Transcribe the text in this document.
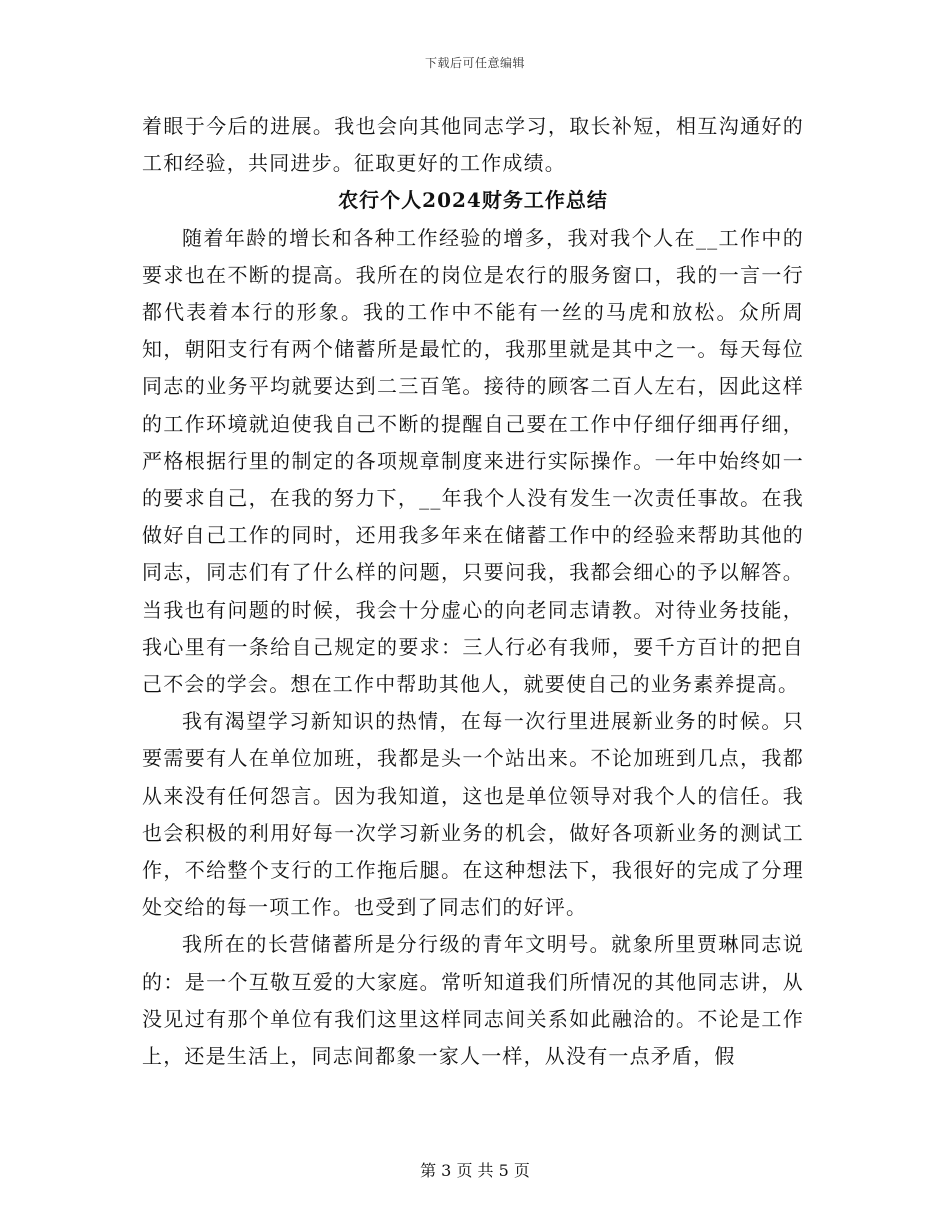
下载后可任意编辑

着眼于今后的进展。我也会向其他同志学习，取长补短，相互沟通好的工和经验，共同进步。征取更好的工作成绩。

农行个人2024财务工作总结

随着年龄的增长和各种工作经验的增多，我对我个人在__工作中的要求也在不断的提高。我所在的岗位是农行的服务窗口，我的一言一行都代表着本行的形象。我的工作中不能有一丝的马虎和放松。众所周知，朝阳支行有两个储蓄所是最忙的，我那里就是其中之一。每天每位同志的业务平均就要达到二三百笔。接待的顾客二百人左右，因此这样的工作环境就迫使我自己不断的提醒自己要在工作中仔细仔细再仔细，严格根据行里的制定的各项规章制度来进行实际操作。一年中始终如一的要求自己，在我的努力下，__年我个人没有发生一次责任事故。在我做好自己工作的同时，还用我多年来在储蓄工作中的经验来帮助其他的同志，同志们有了什么样的问题，只要问我，我都会细心的予以解答。当我也有问题的时候，我会十分虚心的向老同志请教。对待业务技能，我心里有一条给自己规定的要求：三人行必有我师，要千方百计的把自己不会的学会。想在工作中帮助其他人，就要使自己的业务素养提高。

我有渴望学习新知识的热情，在每一次行里进展新业务的时候。只要需要有人在单位加班，我都是头一个站出来。不论加班到几点，我都从来没有任何怨言。因为我知道，这也是单位领导对我个人的信任。我也会积极的利用好每一次学习新业务的机会，做好各项新业务的测试工作，不给整个支行的工作拖后腿。在这种想法下，我很好的完成了分理处交给的每一项工作。也受到了同志们的好评。

我所在的长营储蓄所是分行级的青年文明号。就象所里贾琳同志说的：是一个互敬互爱的大家庭。常听知道我们所情况的其他同志讲，从没见过有那个单位有我们这里这样同志间关系如此融洽的。不论是工作上，还是生活上，同志间都象一家人一样，从没有一点矛盾，假

第 3 页 共 5 页
